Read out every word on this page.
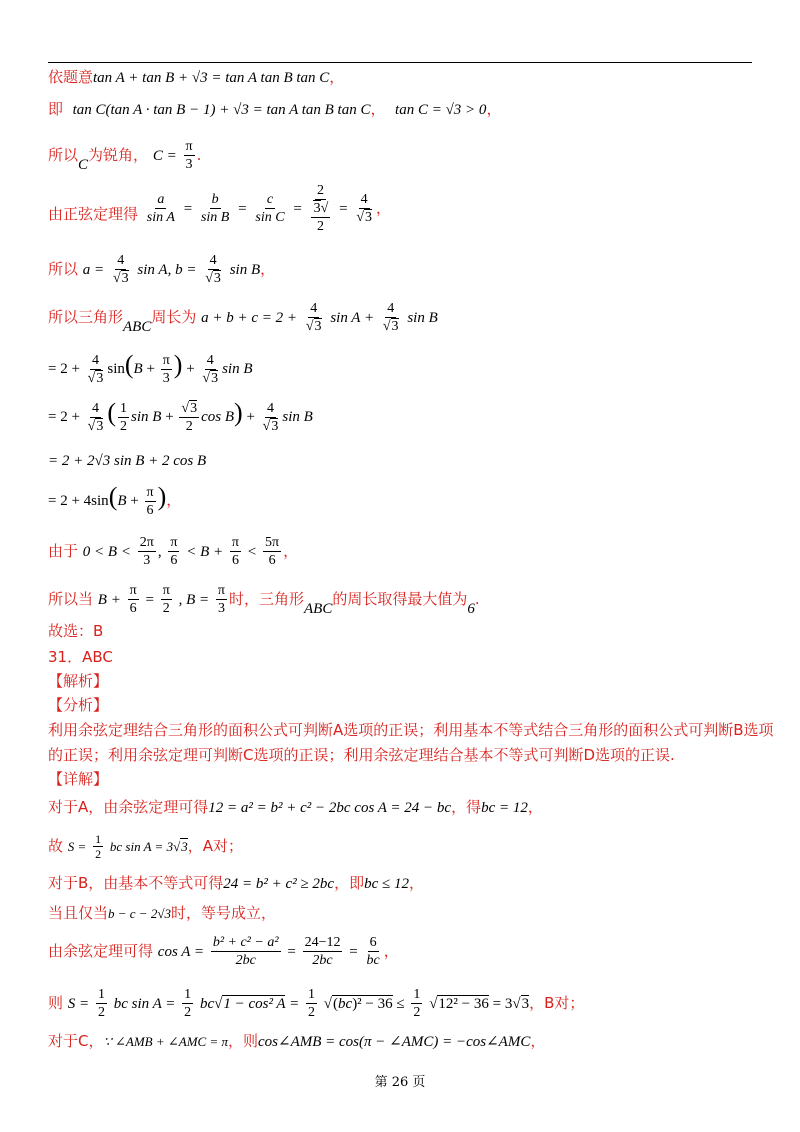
依题意tan A + tan B + √3 = tan A tan B tan C，
即 tan C(tan A · tan B − 1) + √3 = tan A tan B tan C，  tan C = √3 > 0，
所以C为锐角， $C = \frac{\pi}{3}$ .
由正弦定理得 $\frac{a}{\text{sin A}} = \frac{b}{\text{sin B}} = \frac{c}{\text{sin C}} = \frac{2}{\frac{3√}{2}} = \frac{4}{√3}$ ，
所以 $a = \frac{4}{√3}$ sin A, $b = \frac{4}{√3}$ sin B，
所以三角形ABC周长为 $a + b + c = 2 + \frac{4}{√3}$ $\sin A + \frac{4}{√3}$ sin B
= $2 + \frac{4}{√3} \sin(B + \frac{\pi}{3}$ ) + $\frac{4}{√3}$ sin B
= $2 + \frac{4}{√3}$ ( $\frac{1}{2}$ $\sin B + \frac{√3}{2}$ $\cos B) + \frac{4}{√3}$ sin B
= 2 + 2√3 sin B + 2 cos B
= $2 + 4\sin(B + \frac{\pi}{6}$ )，
由于 $0 < B < \frac{2\pi}{3}$ , $\frac{\pi}{6} < B + \frac{\pi}{6} < \frac{5\pi}{6}$ ，
所以当 $B + \frac{\pi}{6} = \frac{\pi}{2}$ , $B = \frac{\pi}{3}$ 时，三角形ABC的周长取得最大值为6.
故选：B
31．ABC
【解析】
【分析】
利用余弦定理结合三角形的面积公式可判断A选项的正误；利用基本不等式结合三角形的面积公式可判断B选项
的正误；利用余弦定理可判断C选项的正误；利用余弦定理结合基本不等式可判断D选项的正误.
【详解】
对于A，由余弦定理可得12 = a² = b² + c² − 2bc cos A = 24 − bc，得bc = 12，
故 $S = \frac{1}{2}$ bc sin A = 3√3，A对；
对于B，由基本不等式可得24 = b² + c² ≥ 2bc，即bc ≤ 12，
当且仅当b − c − 2√3时，等号成立，
由余弦定理可得 $\cos A = \frac{\text{b² + c² − a²}}{2bc} = \frac{24-12}{2bc} = \frac{6}{bc}$ ，
则 $S = \frac{1}{2}$ bc $\sin A = \frac{1}{2} bc√1 - \cos^2$ $A = \frac{1}{2} √(bc)^2 - 36 \le \frac{1}{2} √12^2 - 36 = 3√3$，B对；
对于C，∵ ∠AMB + ∠AMC = π，则cos∠AMB = cos(π − ∠AMC) = −cos∠AMC，
第 26 页
